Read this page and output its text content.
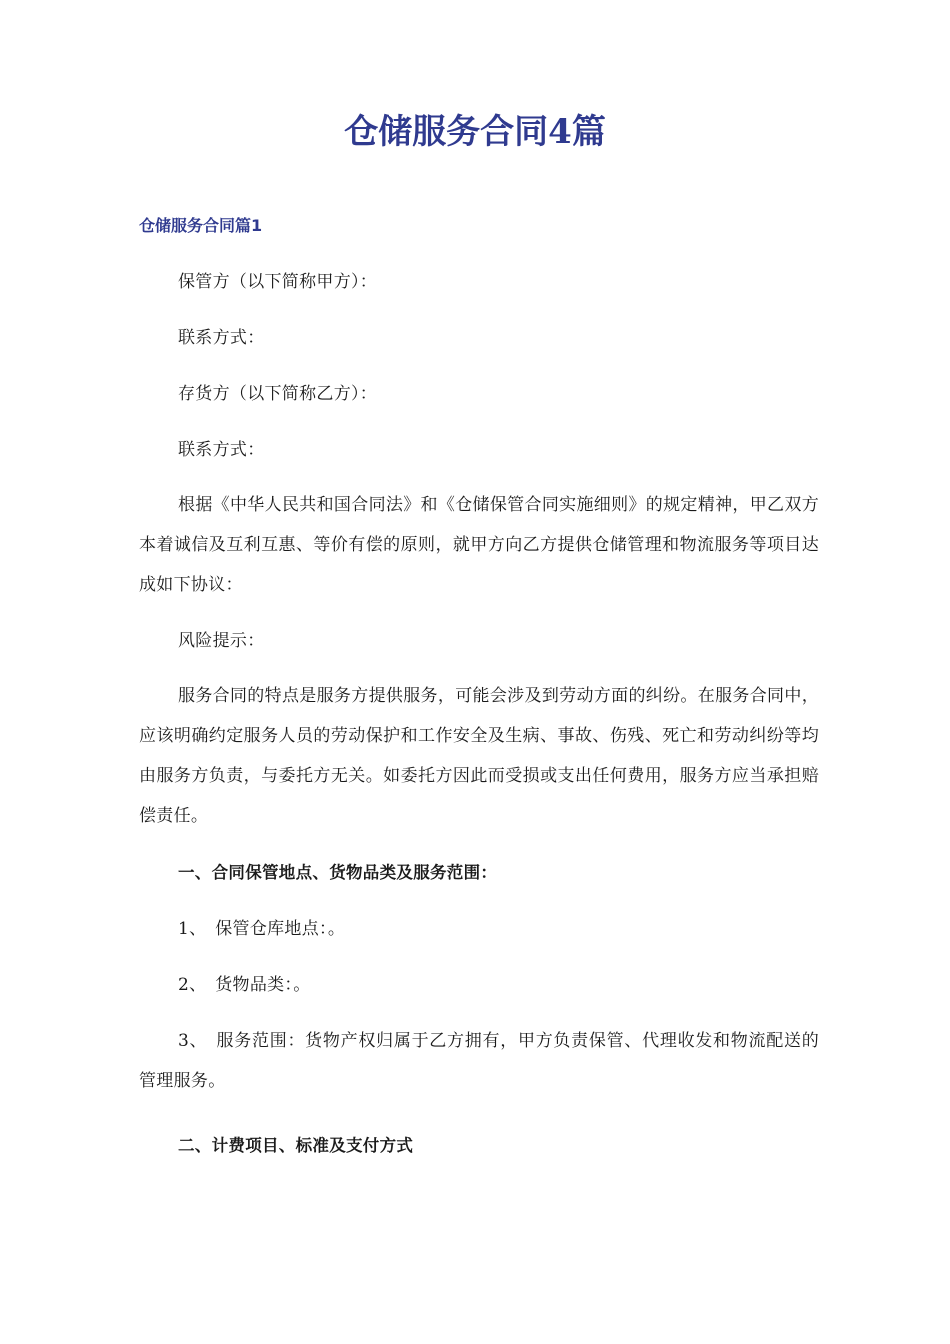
仓储服务合同4篇
仓储服务合同篇1

保管方（以下简称甲方）：

联系方式：

存货方（以下简称乙方）：

联系方式：

根据《中华人民共和国合同法》和《仓储保管合同实施细则》的规定精神，甲乙双方本着诚信及互利互惠、等价有偿的原则，就甲方向乙方提供仓储管理和物流服务等项目达成如下协议：

风险提示：

服务合同的特点是服务方提供服务，可能会涉及到劳动方面的纠纷。在服务合同中，应该明确约定服务人员的劳动保护和工作安全及生病、事故、伤残、死亡和劳动纠纷等均由服务方负责，与委托方无关。如委托方因此而受损或支出任何费用，服务方应当承担赔偿责任。

一、合同保管地点、货物品类及服务范围：

1、　保管仓库地点：。

2、　货物品类：。

3、　服务范围：货物产权归属于乙方拥有，甲方负责保管、代理收发和物流配送的管理服务。

二、计费项目、标准及支付方式
